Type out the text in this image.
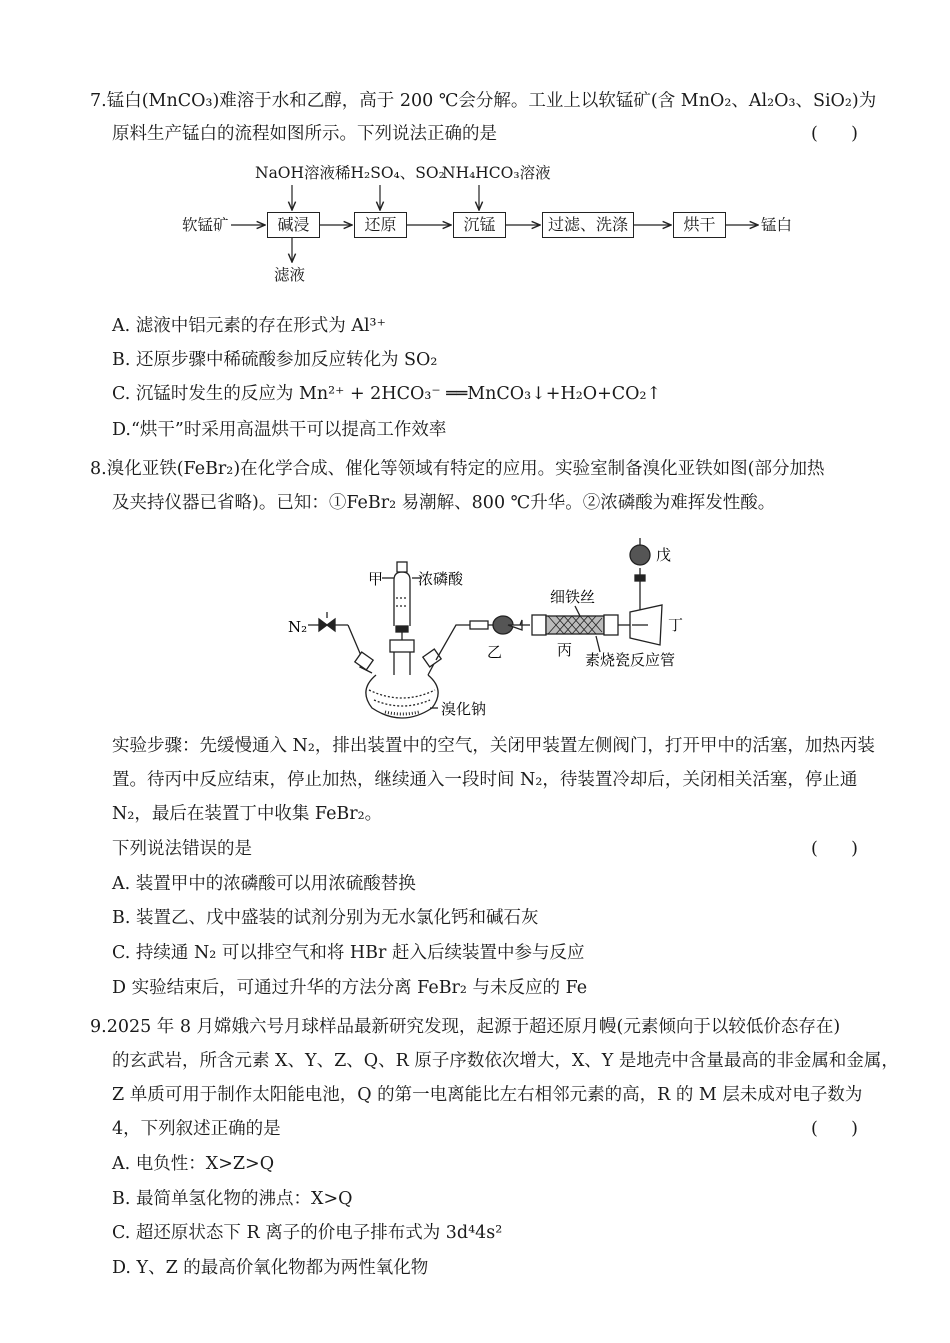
7.锰白(MnCO₃)难溶于水和乙醇，高于 200 ℃会分解。工业上以软锰矿(含 MnO₂、Al₂O₃、SiO₂)为
原料生产锰白的流程如图所示。下列说法正确的是	(      )
NaOH溶液 稀H₂SO₄、SO₂
NH₄HCO₃溶液
软锰矿	碱浸	还原	沉锰	过滤、洗涤	烘干	锰白
滤液
A. 滤液中铝元素的存在形式为 Al³⁺
B. 还原步骤中稀硫酸参加反应转化为 SO₂
C. 沉锰时发生的反应为 Mn²⁺ + 2HCO₃⁻ ══MnCO₃↓+H₂O+CO₂↑
D.“烘干”时采用高温烘干可以提高工作效率
8.溴化亚铁(FeBr₂)在化学合成、催化等领域有特定的应用。实验室制备溴化亚铁如图(部分加热
及夹持仪器已省略)。已知：①FeBr₂ 易潮解、800 ℃升华。②浓磷酸为难挥发性酸。
N₂
甲 浓磷酸
乙
细铁丝
丙
素烧瓷反应管
丁
戊
溴化钠
实验步骤：先缓慢通入 N₂，排出装置中的空气，关闭甲装置左侧阀门，打开甲中的活塞，加热丙装
置。待丙中反应结束，停止加热，继续通入一段时间 N₂，待装置冷却后，关闭相关活塞，停止通
N₂，最后在装置丁中收集 FeBr₂。
下列说法错误的是	(      )
A. 装置甲中的浓磷酸可以用浓硫酸替换
B. 装置乙、戊中盛装的试剂分别为无水氯化钙和碱石灰
C. 持续通 N₂ 可以排空气和将 HBr 赶入后续装置中参与反应
D 实验结束后，可通过升华的方法分离 FeBr₂ 与未反应的 Fe
9.2025 年 8 月嫦娥六号月球样品最新研究发现，起源于超还原月幔(元素倾向于以较低价态存在)
的玄武岩，所含元素 X、Y、Z、Q、R 原子序数依次增大，X、Y 是地壳中含量最高的非金属和金属，
Z 单质可用于制作太阳能电池，Q 的第一电离能比左右相邻元素的高，R 的 M 层未成对电子数为
4，下列叙述正确的是	(      )
A. 电负性：X>Z>Q
B. 最简单氢化物的沸点：X>Q
C. 超还原状态下 R 离子的价电子排布式为 3d⁴4s²
D. Y、Z 的最高价氧化物都为两性氧化物
